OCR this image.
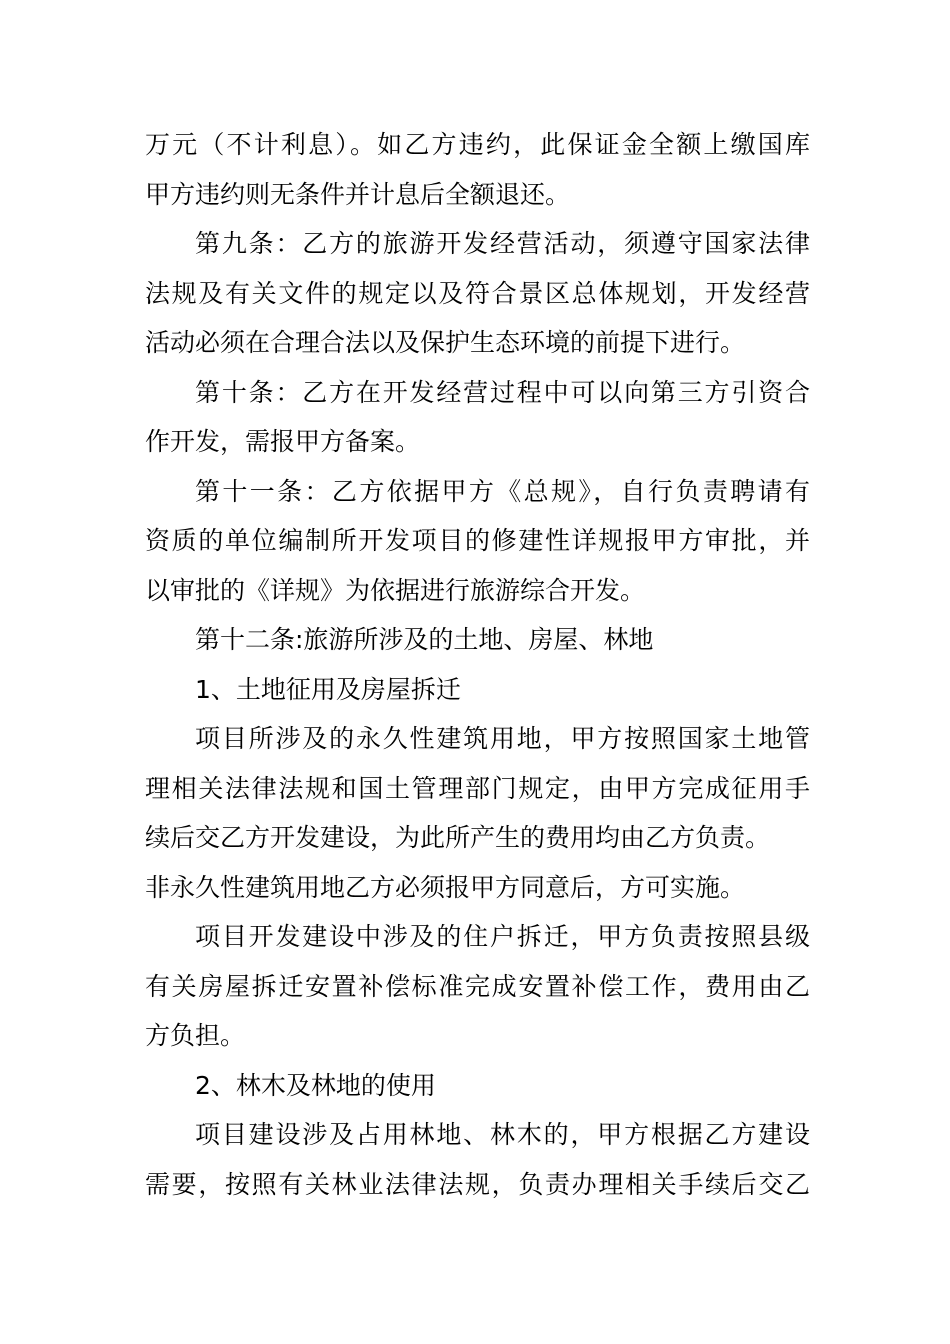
万元（不计利息）。如乙方违约，此保证金全额上缴国库
甲方违约则无条件并计息后全额退还。
第九条：乙方的旅游开发经营活动，须遵守国家法律
法规及有关文件的规定以及符合景区总体规划，开发经营
活动必须在合理合法以及保护生态环境的前提下进行。
第十条：乙方在开发经营过程中可以向第三方引资合
作开发，需报甲方备案。
第十一条：乙方依据甲方《总规》，自行负责聘请有
资质的单位编制所开发项目的修建性详规报甲方审批，并
以审批的《详规》为依据进行旅游综合开发。
第十二条:旅游所涉及的土地、房屋、林地
1、土地征用及房屋拆迁
项目所涉及的永久性建筑用地，甲方按照国家土地管
理相关法律法规和国土管理部门规定，由甲方完成征用手
续后交乙方开发建设，为此所产生的费用均由乙方负责。
非永久性建筑用地乙方必须报甲方同意后，方可实施。
项目开发建设中涉及的住户拆迁，甲方负责按照县级
有关房屋拆迁安置补偿标准完成安置补偿工作，费用由乙
方负担。
2、林木及林地的使用
项目建设涉及占用林地、林木的，甲方根据乙方建设
需要，按照有关林业法律法规，负责办理相关手续后交乙
